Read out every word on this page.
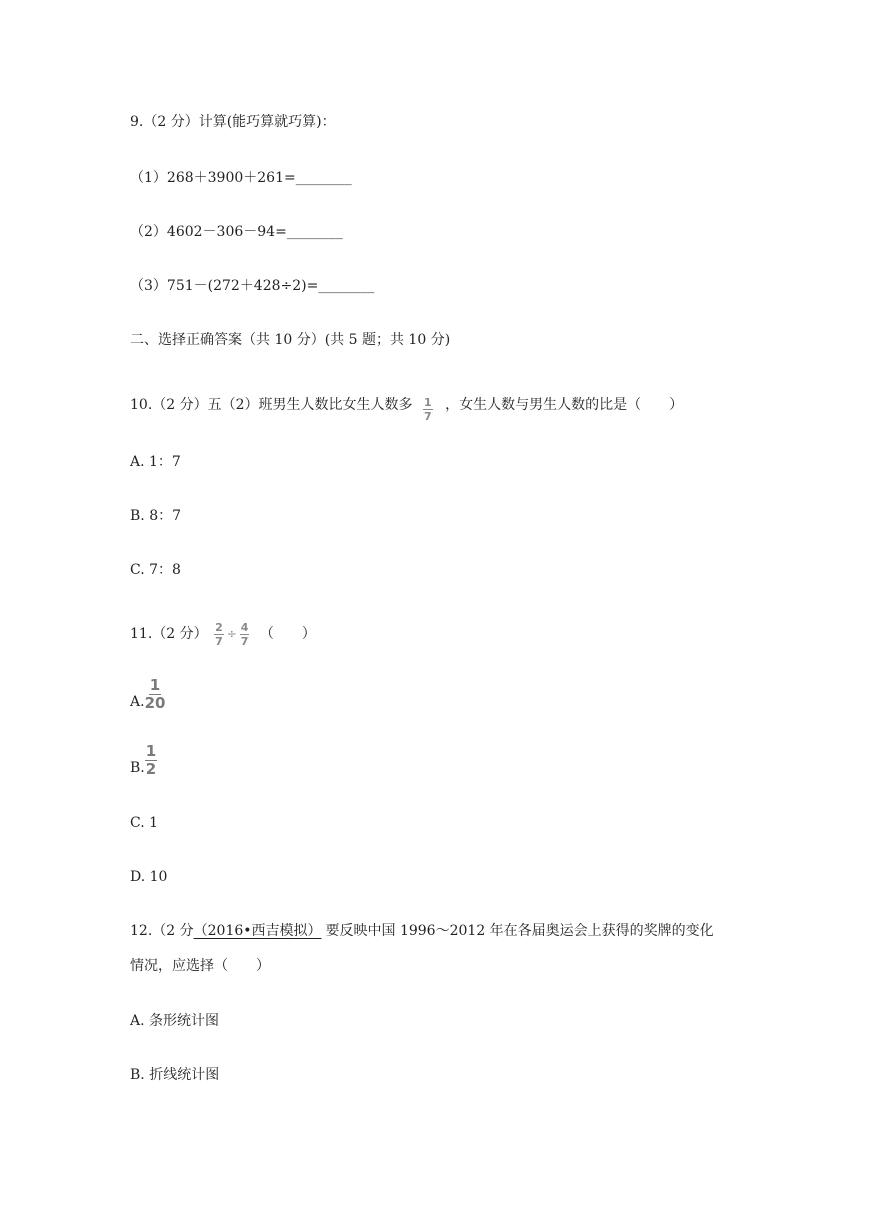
9.（2 分）计算(能巧算就巧算)：

（1）268＋3900＋261=________

（2）4602－306－94=________

（3）751－(272＋428÷2)=________

二、选择正确答案（共 10 分）(共 5 题；共 10 分)

10.（2 分）五（2）班男生人数比女生人数多 $\frac{1}{7}$ ，女生人数与男生人数的比是（　　）

A. 1：7

B. 8：7

C. 7：8

11.（2 分） $\frac{2}{7} \div \frac{4}{7}$ （　　）

A. $\frac{1}{20}$

B. $\frac{1}{2}$

C. 1

D. 10

12.（2 分（2016•西吉模拟） 要反映中国 1996～2012 年在各届奥运会上获得的奖牌的变化

情况，应选择（　　）

A. 条形统计图

B. 折线统计图
